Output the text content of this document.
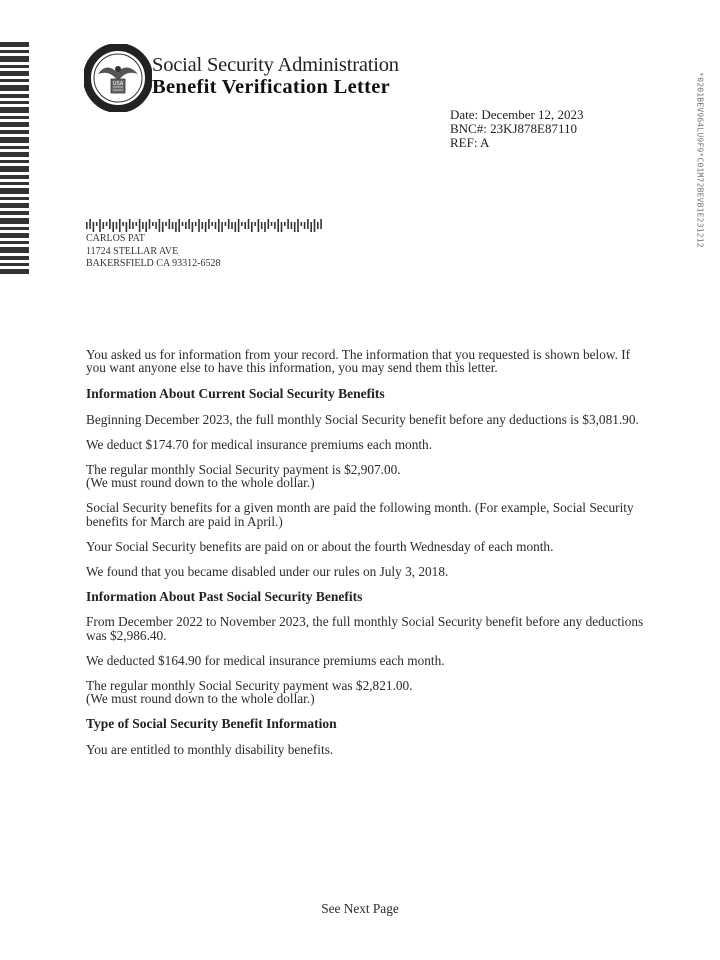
*0201BEV964LU9F9*C01M72BEVB1E231212
USA
Social Security Administration
Benefit Verification Letter
Date: December 12, 2023
BNC#: 23KJ878E87110
REF: A
CARLOS PAT
11724 STELLAR AVE
BAKERSFIELD CA 93312-6528

You asked us for information from your record. The information that you requested is shown below. If you want anyone else to have this information, you may send them this letter.

Information About Current Social Security Benefits

Beginning December 2023, the full monthly Social Security benefit before any deductions is $3,081.90.

We deduct $174.70 for medical insurance premiums each month.

The regular monthly Social Security payment is $2,907.00.
(We must round down to the whole dollar.)

Social Security benefits for a given month are paid the following month. (For example, Social Security benefits for March are paid in April.)

Your Social Security benefits are paid on or about the fourth Wednesday of each month.

We found that you became disabled under our rules on July 3, 2018.

Information About Past Social Security Benefits

From December 2022 to November 2023, the full monthly Social Security benefit before any deductions was $2,986.40.

We deducted $164.90 for medical insurance premiums each month.

The regular monthly Social Security payment was $2,821.00.
(We must round down to the whole dollar.)

Type of Social Security Benefit Information

You are entitled to monthly disability benefits.

See Next Page
